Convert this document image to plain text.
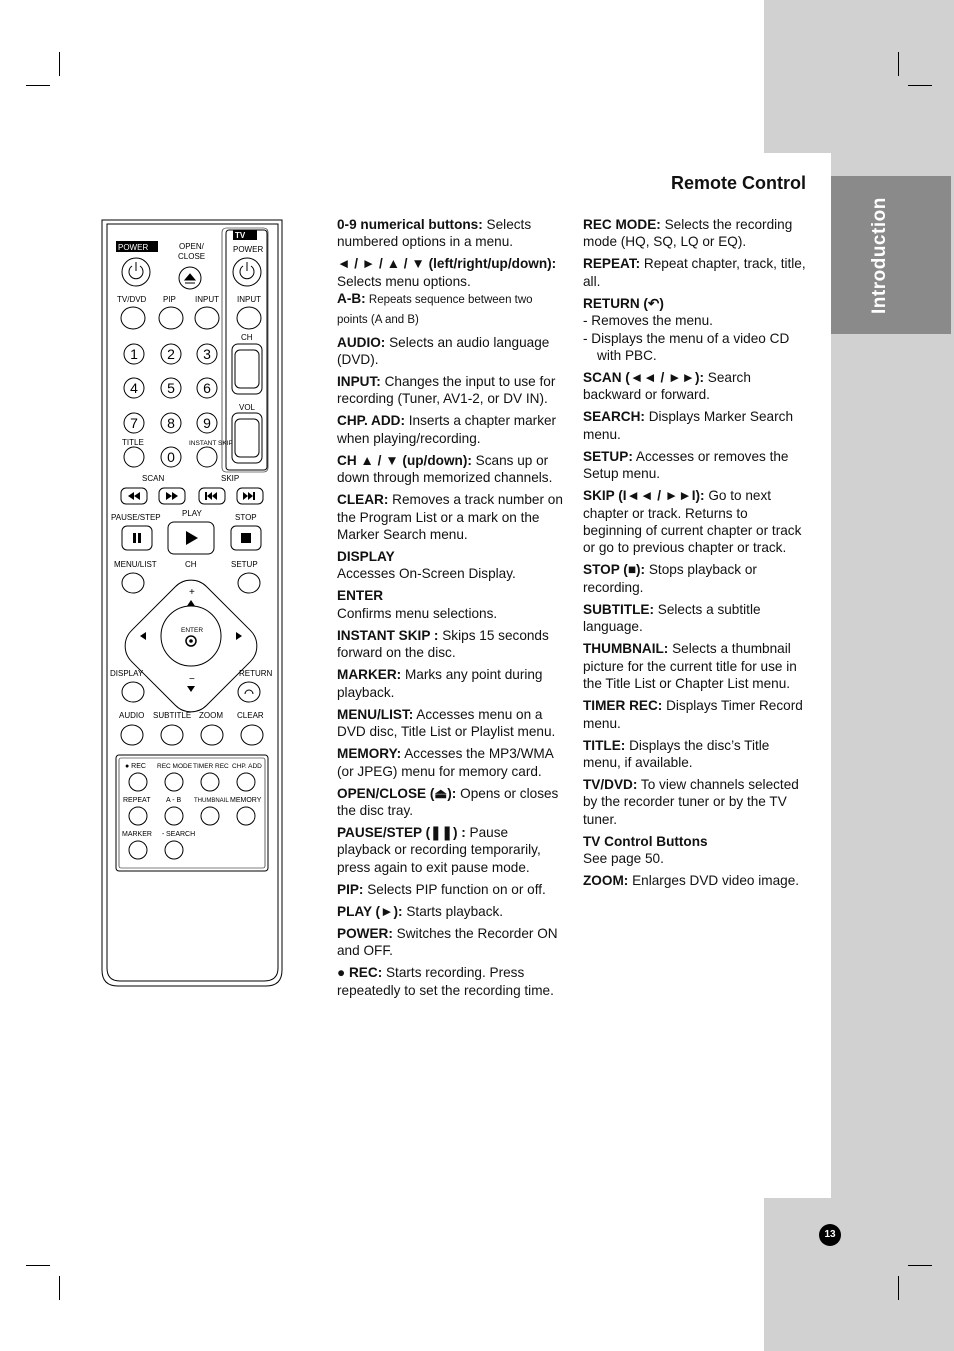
Introduction
Remote Control
POWER
TV
POWER
OPEN/
CLOSE
TV/DVD PIP INPUT INPUT
CH
VOL
1 2 3
4 5 6
7 8 9
0
TITLE	INSTANT SKIP
SCAN	SKIP
PAUSE/STEP	PLAY	STOP
MENU/LIST	CH	SETUP
+
−
ENTER
DISPLAY	RETURN
AUDIO SUBTITLE ZOOM CLEAR
● REC REC MODE TIMER REC CHP. ADD
REPEAT A - B THUMBNAIL MEMORY
MARKER - SEARCH
0-9 numerical buttons: Selects numbered options in a menu.
◄ / ► / ▲ / ▼ (left/right/up/down): Selects menu options.
A-B: Repeats sequence between two points (A and B)
AUDIO: Selects an audio language (DVD).
INPUT: Changes the input to use for recording (Tuner, AV1-2, or DV IN).
CHP. ADD: Inserts a chapter marker when playing/recording.
CH ▲ / ▼ (up/down): Scans up or down through memorized channels.
CLEAR: Removes a track number on the Program List or a mark on the Marker Search menu.
DISPLAY
Accesses On-Screen Display.
ENTER
Confirms menu selections.
INSTANT SKIP : Skips 15 seconds forward on the disc.
MARKER: Marks any point during playback.
MENU/LIST: Accesses menu on a DVD disc, Title List or Playlist menu.
MEMORY: Accesses the MP3/WMA (or JPEG) menu for memory card.
OPEN/CLOSE (⏏): Opens or closes the disc tray.
PAUSE/STEP (❚❚) : Pause playback or recording temporarily, press again to exit pause mode.
PIP: Selects PIP function on or off.
PLAY (►): Starts playback.
POWER: Switches the Recorder ON and OFF.
● REC: Starts recording. Press repeatedly to set the recording time.
REC MODE: Selects the recording mode (HQ, SQ, LQ or EQ).
REPEAT: Repeat chapter, track, title, all.
RETURN (↶)
- Removes the menu.
- Displays the menu of a video CD with PBC.
SCAN (◄◄ / ►►): Search backward or forward.
SEARCH: Displays Marker Search menu.
SETUP: Accesses or removes the Setup menu.
SKIP (I◄◄ / ►►I): Go to next chapter or track. Returns to beginning of current chapter or track or go to previous chapter or track.
STOP (■): Stops playback or recording.
SUBTITLE: Selects a subtitle language.
THUMBNAIL: Selects a thumbnail picture for the current title for use in the Title List or Chapter List menu.
TIMER REC: Displays Timer Record menu.
TITLE: Displays the disc’s Title menu, if available.
TV/DVD: To view channels selected by the recorder tuner or by the TV tuner.
TV Control Buttons
See page 50.
ZOOM: Enlarges DVD video image.
13
